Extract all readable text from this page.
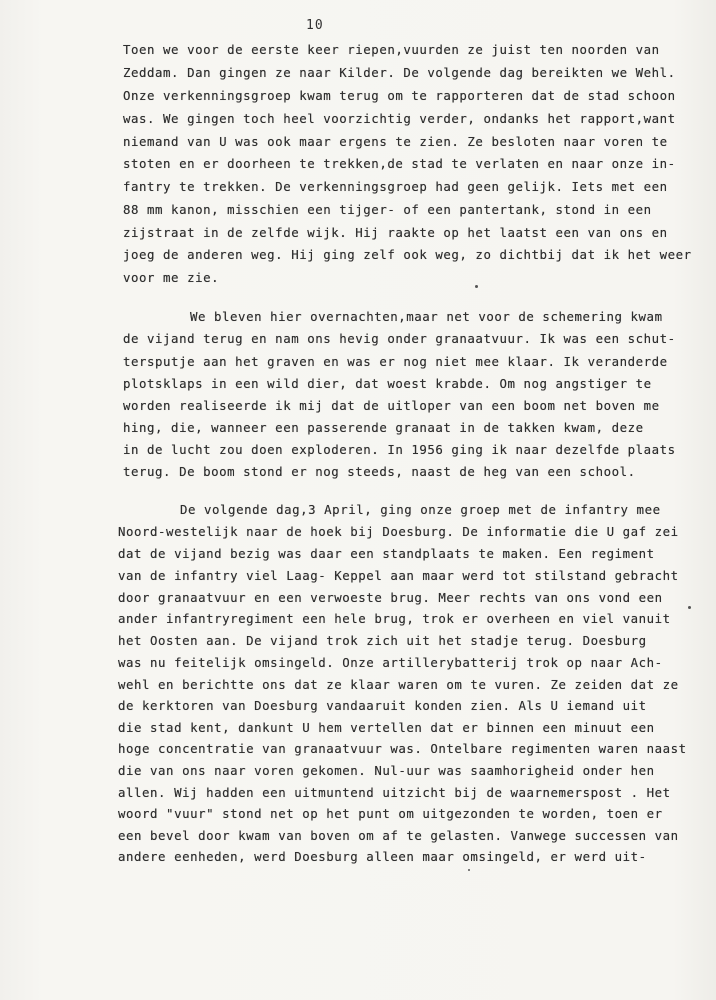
10
Toen we voor de eerste keer riepen,vuurden ze juist ten noorden van
Zeddam. Dan gingen ze naar Kilder. De volgende dag bereikten we Wehl.
Onze verkenningsgroep kwam terug om te rapporteren dat de stad schoon
was. We gingen toch heel voorzichtig verder, ondanks het rapport,want
niemand van U was ook maar ergens te zien. Ze besloten naar voren te
stoten en er doorheen te trekken,de stad te verlaten en naar onze in-
fantry te trekken. De verkenningsgroep had geen gelijk. Iets met een
88 mm kanon, misschien een tijger- of een pantertank, stond in een
zijstraat in de zelfde wijk. Hij raakte op het laatst een van ons en
joeg de anderen weg. Hij ging zelf ook weg, zo dichtbij dat ik het weer
voor me zie.
We bleven hier overnachten,maar net voor de schemering kwam
de vijand terug en nam ons hevig onder granaatvuur. Ik was een schut-
tersputje aan het graven en was er nog niet mee klaar. Ik veranderde
plotsklaps in een wild dier, dat woest krabde. Om nog angstiger te
worden realiseerde ik mij dat de uitloper van een boom net boven me
hing, die, wanneer een passerende granaat in de takken kwam, deze
in de lucht zou doen exploderen. In 1956 ging ik naar dezelfde plaats
terug. De boom stond er nog steeds, naast de heg van een school.
De volgende dag,3 April, ging onze groep met de infantry mee
Noord-westelijk naar de hoek bij Doesburg. De informatie die U gaf zei
dat de vijand bezig was daar een standplaats te maken. Een regiment
van de infantry viel Laag- Keppel aan maar werd tot stilstand gebracht
door granaatvuur en een verwoeste brug. Meer rechts van ons vond een
ander infantryregiment een hele brug, trok er overheen en viel vanuit
het Oosten aan. De vijand trok zich uit het stadje terug. Doesburg
was nu feitelijk omsingeld. Onze artillerybatterij trok op naar Ach-
wehl en berichtte ons dat ze klaar waren om te vuren. Ze zeiden dat ze
de kerktoren van Doesburg vandaaruit konden zien. Als U iemand uit
die stad kent, dankunt U hem vertellen dat er binnen een minuut een
hoge concentratie van granaatvuur was. Ontelbare regimenten waren naast
die van ons naar voren gekomen. Nul-uur was saamhorigheid onder hen
allen. Wij hadden een uitmuntend uitzicht bij de waarnemerspost . Het
woord "vuur" stond net op het punt om uitgezonden te worden, toen er
een bevel door kwam van boven om af te gelasten. Vanwege successen van
andere eenheden, werd Doesburg alleen maar omsingeld, er werd uit-
